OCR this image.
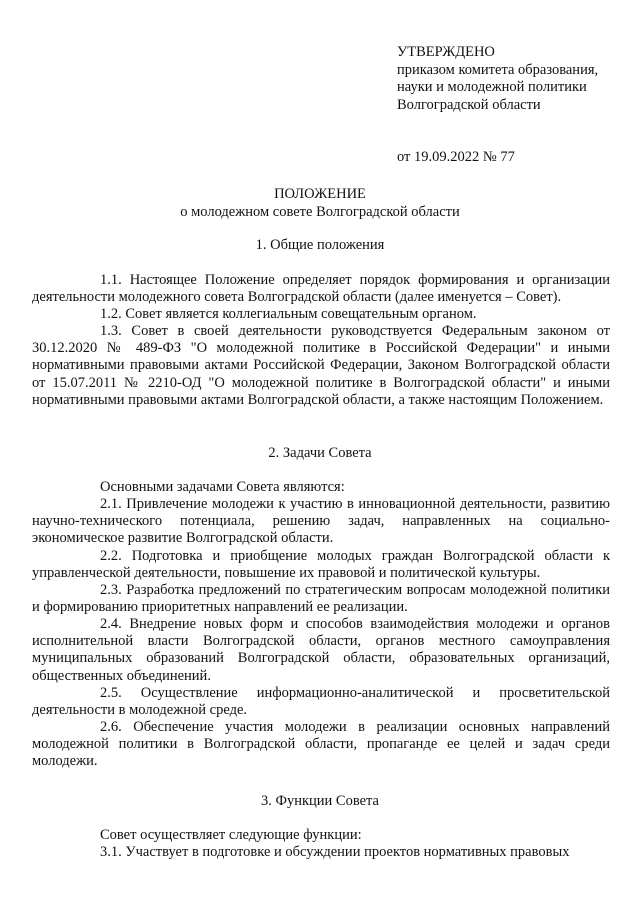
УТВЕРЖДЕНО
приказом комитета образования,
науки и молодежной политики
Волгоградской области
от 19.09.2022 № 77
ПОЛОЖЕНИЕ
о молодежном совете Волгоградской области
1. Общие положения

1.1. Настоящее Положение определяет порядок формирования и организации деятельности молодежного совета Волгоградской области (далее именуется – Совет).

1.2. Совет является коллегиальным совещательным органом.

1.3. Совет в своей деятельности руководствуется Федеральным законом от 30.12.2020 № 489-ФЗ "О молодежной политике в Российской Федерации" и иными нормативными правовыми актами Российской Федерации, Законом Волгоградской области от 15.07.2011 № 2210-ОД "О молодежной политике в Волгоградской области" и иными нормативными правовыми актами Волгоградской области, а также настоящим Положением.

2. Задачи Совета

Основными задачами Совета являются:

2.1. Привлечение молодежи к участию в инновационной деятельности, развитию научно-технического потенциала, решению задач, направленных на социально-экономическое развитие Волгоградской области.

2.2. Подготовка и приобщение молодых граждан Волгоградской области к управленческой деятельности, повышение их правовой и политической культуры.

2.3. Разработка предложений по стратегическим вопросам молодежной политики и формированию приоритетных направлений ее реализации.

2.4. Внедрение новых форм и способов взаимодействия молодежи и органов исполнительной власти Волгоградской области, органов местного самоуправления муниципальных образований Волгоградской области, образовательных организаций, общественных объединений.

2.5. Осуществление информационно-аналитической и просветительской деятельности в молодежной среде.

2.6. Обеспечение участия молодежи в реализации основных направлений молодежной политики в Волгоградской области, пропаганде ее целей и задач среди молодежи.

3. Функции Совета

Совет осуществляет следующие функции:

3.1. Участвует в подготовке и обсуждении проектов нормативных правовых
